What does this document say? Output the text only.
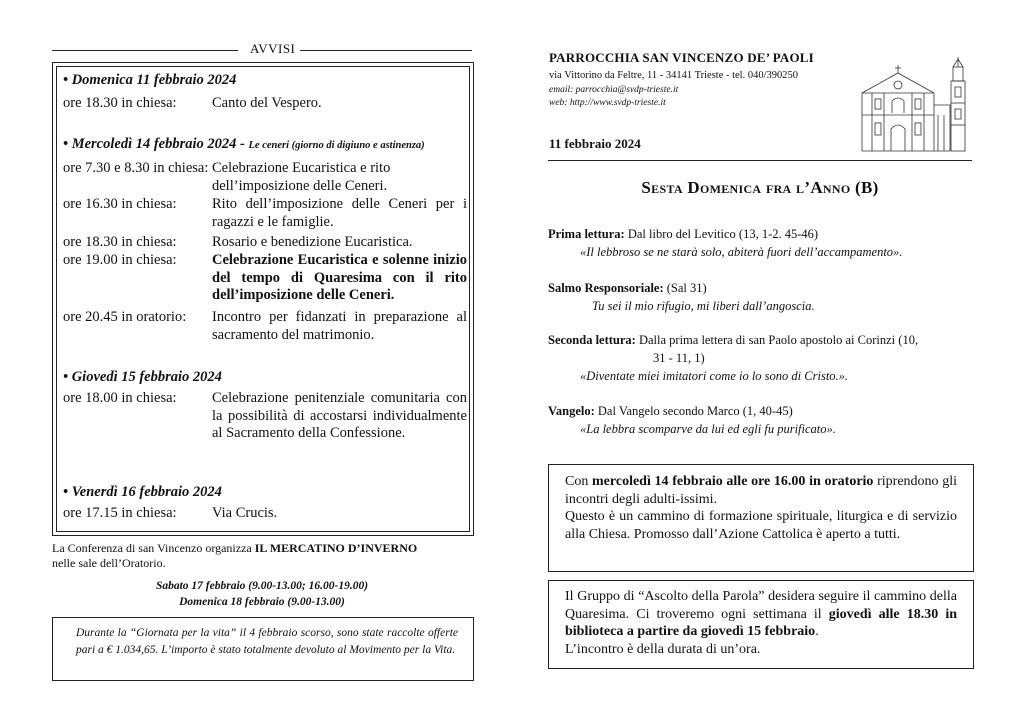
AVVISI
• Domenica 11 febbraio 2024
ore 18.30 in chiesa: Canto del Vespero.
• Mercoledì 14 febbraio 2024 - Le ceneri (giorno di digiuno e astinenza)
ore 7.30 e 8.30 in chiesa: Celebrazione Eucaristica e rito
dell’imposizione delle Ceneri.
ore 16.30 in chiesa: Rito dell’imposizione delle Ceneri per i ragazzi e le famiglie.
ore 18.30 in chiesa: Rosario e benedizione Eucaristica.
ore 19.00 in chiesa: Celebrazione Eucaristica e solenne inizio del tempo di Quaresima con il rito dell’imposizione delle Ceneri.
ore 20.45 in oratorio: Incontro per fidanzati in preparazione al sacramento del matrimonio.
• Giovedì 15 febbraio 2024
ore 18.00 in chiesa: Celebrazione penitenziale comunitaria con la possibilità di accostarsi individualmente al Sacramento della Confessione.
• Venerdì 16 febbraio 2024
ore 17.15 in chiesa: Via Crucis.
La Conferenza di san Vincenzo organizza IL MERCATINO D’INVERNO
nelle sale dell’Oratorio.
Sabato 17 febbraio (9.00-13.00; 16.00-19.00)
Domenica 18 febbraio (9.00-13.00)
Durante la “Giornata per la vita” il 4 febbraio scorso, sono state raccolte offerte pari a € 1.034,65. L’importo è stato totalmente devoluto al Movimento per la Vita.
PARROCCHIA SAN VINCENZO DE’ PAOLI
via Vittorino da Feltre, 11 - 34141 Trieste - tel. 040/390250
email: parrocchia@svdp-trieste.it
web: http://www.svdp-trieste.it
11 febbraio 2024
Sesta Domenica fra l’Anno (B)
Prima lettura: Dal libro del Levitico (13, 1-2. 45-46)
«Il lebbroso se ne starà solo, abiterà fuori dell’accampamento».
Salmo Responsoriale: (Sal 31)
Tu sei il mio rifugio, mi liberi dall’angoscia.
Seconda lettura: Dalla prima lettera di san Paolo apostolo ai Corinzi (10,
31 - 11, 1)
«Diventate miei imitatori come io lo sono di Cristo.».
Vangelo: Dal Vangelo secondo Marco (1, 40-45)
«La lebbra scomparve da lui ed egli fu purificato».
Con mercoledì 14 febbraio alle ore 16.00 in oratorio riprendono gli incontri degli adulti-issimi.
Questo è un cammino di formazione spirituale, liturgica e di servizio alla Chiesa. Promosso dall’Azione Cattolica è aperto a tutti.
Il Gruppo di “Ascolto della Parola” desidera seguire il cammino della Quaresima. Ci troveremo ogni settimana il giovedì alle 18.30 in biblioteca a partire da giovedì 15 febbraio.
L’incontro è della durata di un’ora.
